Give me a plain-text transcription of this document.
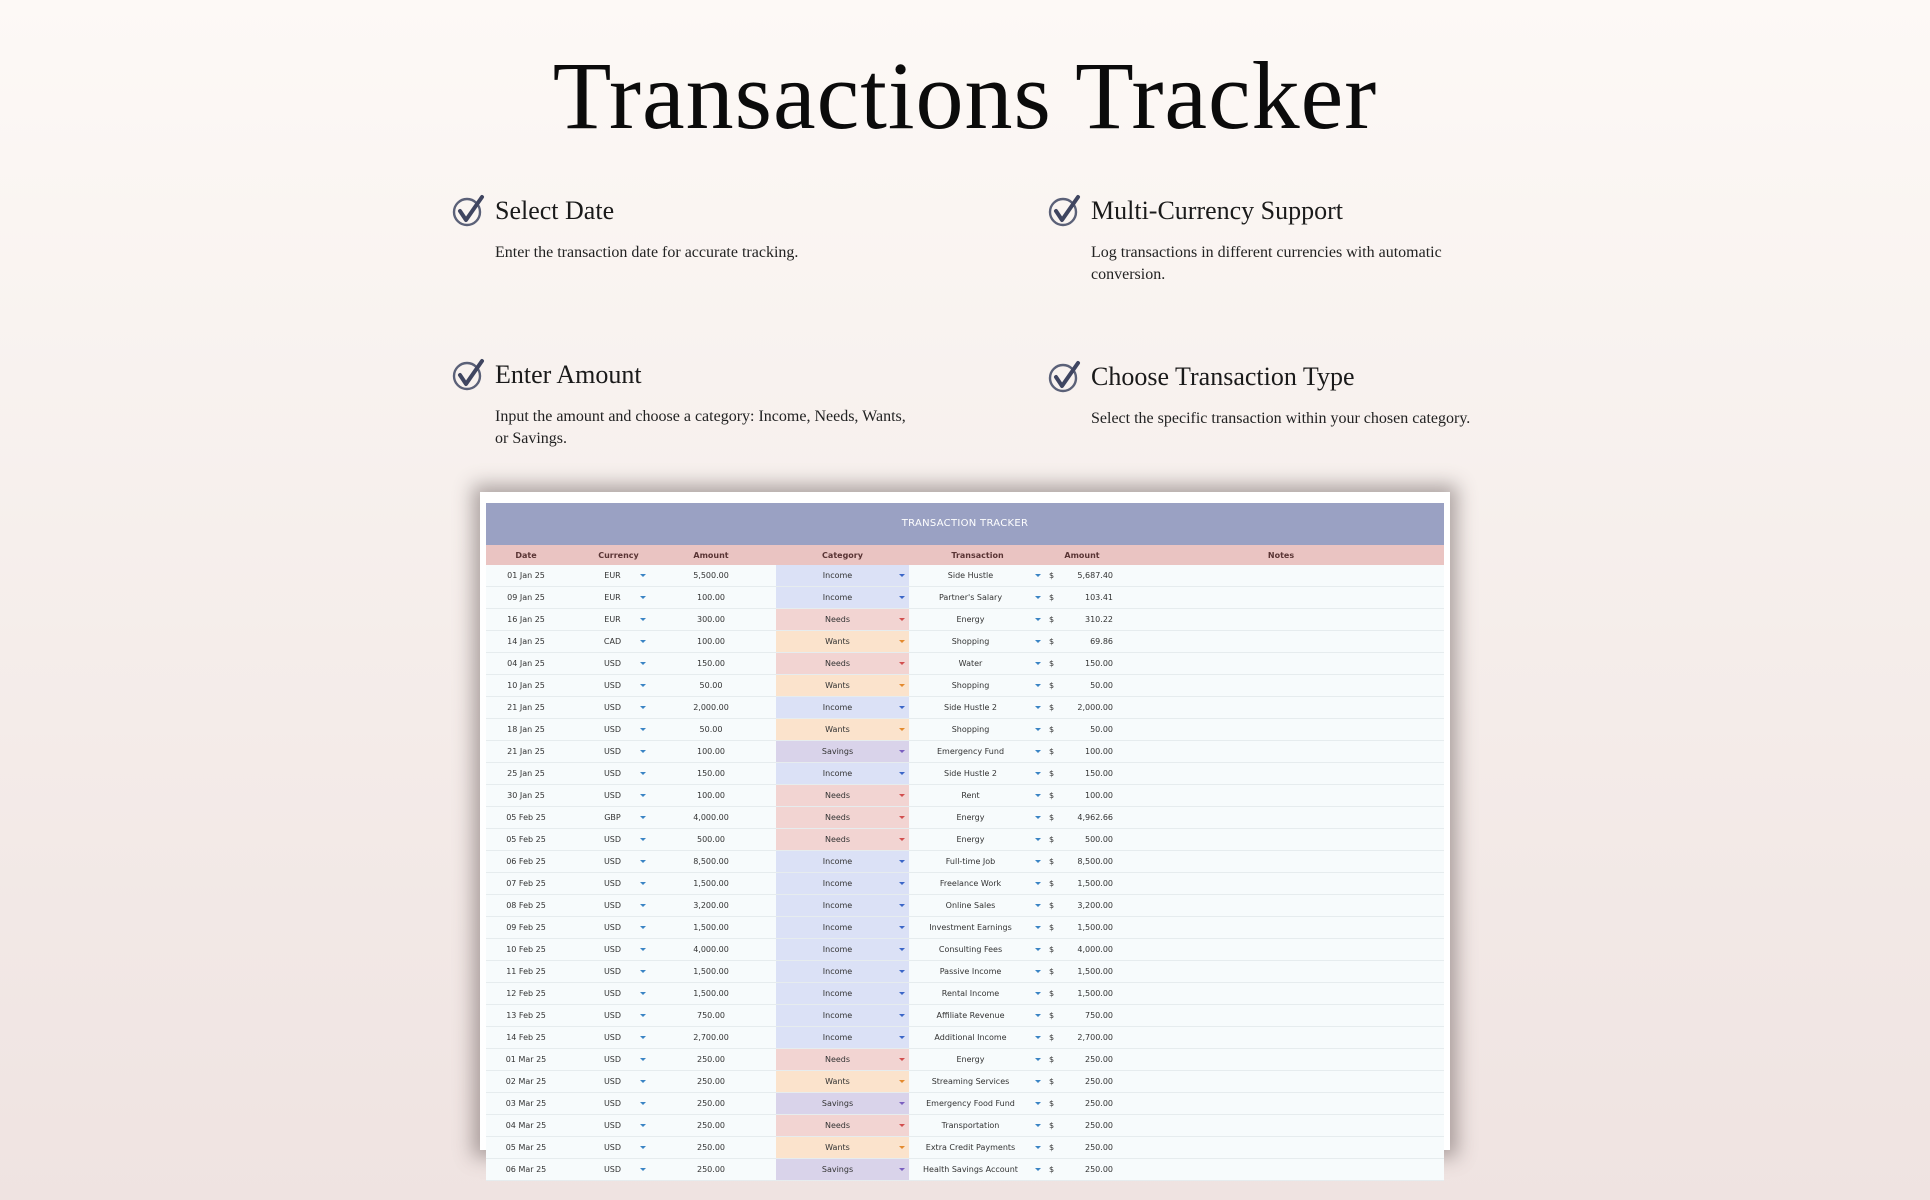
Transactions Tracker
Select Date
Enter the transaction date for accurate tracking.
Multi-Currency Support
Log transactions in different currencies with automatic conversion.
Enter Amount
Input the amount and choose a category: Income, Needs, Wants, or Savings.
Choose Transaction Type
Select the specific transaction within your chosen category.
TRANSACTION TRACKER
Date	Currency	Amount	Category	Transaction	Amount	Notes
01 Jan 25	EUR	5,500.00	Income	Side Hustle	$	5,687.40
09 Jan 25	EUR	100.00	Income	Partner's Salary	$	103.41
16 Jan 25	EUR	300.00	Needs	Energy	$	310.22
14 Jan 25	CAD	100.00	Wants	Shopping	$	69.86
04 Jan 25	USD	150.00	Needs	Water	$	150.00
10 Jan 25	USD	50.00	Wants	Shopping	$	50.00
21 Jan 25	USD	2,000.00	Income	Side Hustle 2	$	2,000.00
18 Jan 25	USD	50.00	Wants	Shopping	$	50.00
21 Jan 25	USD	100.00	Savings	Emergency Fund	$	100.00
25 Jan 25	USD	150.00	Income	Side Hustle 2	$	150.00
30 Jan 25	USD	100.00	Needs	Rent	$	100.00
05 Feb 25	GBP	4,000.00	Needs	Energy	$	4,962.66
05 Feb 25	USD	500.00	Needs	Energy	$	500.00
06 Feb 25	USD	8,500.00	Income	Full-time Job	$	8,500.00
07 Feb 25	USD	1,500.00	Income	Freelance Work	$	1,500.00
08 Feb 25	USD	3,200.00	Income	Online Sales	$	3,200.00
09 Feb 25	USD	1,500.00	Income	Investment Earnings	$	1,500.00
10 Feb 25	USD	4,000.00	Income	Consulting Fees	$	4,000.00
11 Feb 25	USD	1,500.00	Income	Passive Income	$	1,500.00
12 Feb 25	USD	1,500.00	Income	Rental Income	$	1,500.00
13 Feb 25	USD	750.00	Income	Affiliate Revenue	$	750.00
14 Feb 25	USD	2,700.00	Income	Additional Income	$	2,700.00
01 Mar 25	USD	250.00	Needs	Energy	$	250.00
02 Mar 25	USD	250.00	Wants	Streaming Services	$	250.00
03 Mar 25	USD	250.00	Savings	Emergency Food Fund	$	250.00
04 Mar 25	USD	250.00	Needs	Transportation	$	250.00
05 Mar 25	USD	250.00	Wants	Extra Credit Payments	$	250.00
06 Mar 25	USD	250.00	Savings	Health Savings Account	$	250.00
